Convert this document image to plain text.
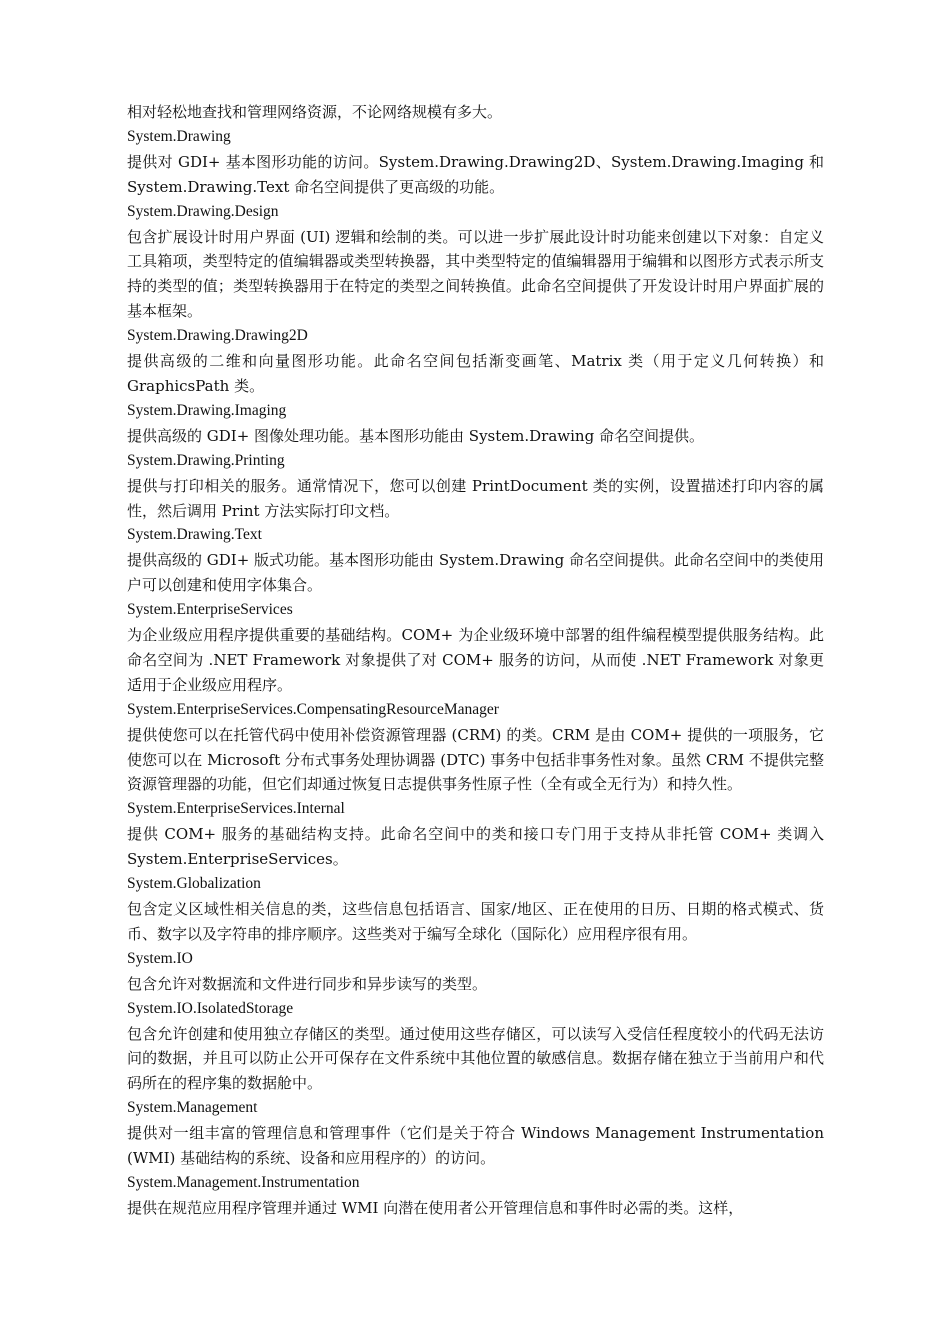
相对轻松地查找和管理网络资源，不论网络规模有多大。

System.Drawing

提供对 GDI+ 基本图形功能的访问。System.Drawing.Drawing2D、System.Drawing.Imaging 和 System.Drawing.Text 命名空间提供了更高级的功能。

System.Drawing.Design

包含扩展设计时用户界面 (UI) 逻辑和绘制的类。可以进一步扩展此设计时功能来创建以下对象：自定义工具箱项，类型特定的值编辑器或类型转换器，其中类型特定的值编辑器用于编辑和以图形方式表示所支持的类型的值；类型转换器用于在特定的类型之间转换值。此命名空间提供了开发设计时用户界面扩展的基本框架。

System.Drawing.Drawing2D

提供高级的二维和向量图形功能。此命名空间包括渐变画笔、Matrix 类（用于定义几何转换）和 GraphicsPath 类。

System.Drawing.Imaging

提供高级的 GDI+ 图像处理功能。基本图形功能由 System.Drawing 命名空间提供。

System.Drawing.Printing

提供与打印相关的服务。通常情况下，您可以创建 PrintDocument 类的实例，设置描述打印内容的属性，然后调用 Print 方法实际打印文档。

System.Drawing.Text

提供高级的 GDI+ 版式功能。基本图形功能由 System.Drawing 命名空间提供。此命名空间中的类使用户可以创建和使用字体集合。

System.EnterpriseServices

为企业级应用程序提供重要的基础结构。COM+ 为企业级环境中部署的组件编程模型提供服务结构。此命名空间为 .NET Framework 对象提供了对 COM+ 服务的访问，从而使 .NET Framework 对象更适用于企业级应用程序。

System.EnterpriseServices.CompensatingResourceManager

提供使您可以在托管代码中使用补偿资源管理器 (CRM) 的类。CRM 是由 COM+ 提供的一项服务，它使您可以在 Microsoft 分布式事务处理协调器 (DTC) 事务中包括非事务性对象。虽然 CRM 不提供完整资源管理器的功能，但它们却通过恢复日志提供事务性原子性（全有或全无行为）和持久性。

System.EnterpriseServices.Internal

提供 COM+ 服务的基础结构支持。此命名空间中的类和接口专门用于支持从非托管 COM+ 类调入 System.EnterpriseServices。

System.Globalization

包含定义区域性相关信息的类，这些信息包括语言、国家/地区、正在使用的日历、日期的格式模式、货币、数字以及字符串的排序顺序。这些类对于编写全球化（国际化）应用程序很有用。

System.IO

包含允许对数据流和文件进行同步和异步读写的类型。

System.IO.IsolatedStorage

包含允许创建和使用独立存储区的类型。通过使用这些存储区，可以读写入受信任程度较小的代码无法访问的数据，并且可以防止公开可保存在文件系统中其他位置的敏感信息。数据存储在独立于当前用户和代码所在的程序集的数据舱中。

System.Management

提供对一组丰富的管理信息和管理事件（它们是关于符合 Windows Management Instrumentation (WMI) 基础结构的系统、设备和应用程序的）的访问。

System.Management.Instrumentation

提供在规范应用程序管理并通过 WMI 向潜在使用者公开管理信息和事件时必需的类。这样，
